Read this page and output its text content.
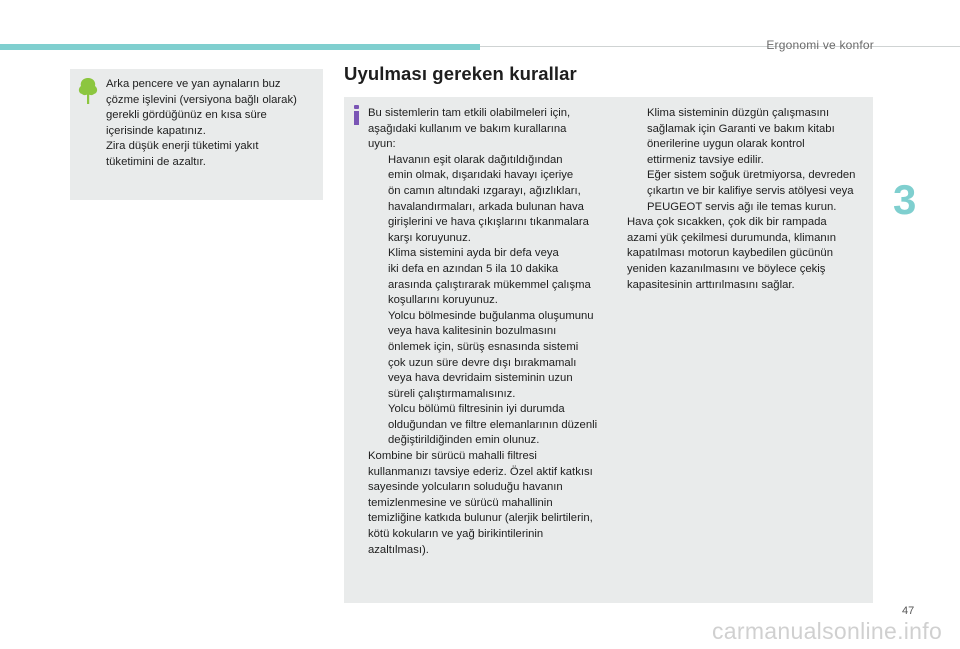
Ergonomi ve konfor
Arka pencere ve yan aynaların buz
çözme işlevini (versiyona bağlı olarak)
gerekli gördüğünüz en kısa süre
içerisinde kapatınız.
Zira düşük enerji tüketimi yakıt
tüketimini de azaltır.
Uyulması gereken kurallar

Bu sistemlerin tam etkili olabilmeleri için,
aşağıdaki kullanım ve bakım kurallarına
uyun:

Havanın eşit olarak dağıtıldığından
emin olmak, dışarıdaki havayı içeriye
ön camın altındaki ızgarayı, ağızlıkları,
havalandırmaları, arkada bulunan hava
girişlerini ve hava çıkışlarını tıkanmalara
karşı koruyunuz.
Klima sistemini ayda bir defa veya
iki defa en azından 5 ila 10 dakika
arasında çalıştırarak mükemmel çalışma
koşullarını koruyunuz.
Yolcu bölmesinde buğulanma oluşumunu
veya hava kalitesinin bozulmasını
önlemek için, sürüş esnasında sistemi
çok uzun süre devre dışı bırakmamalı
veya hava devridaim sisteminin uzun
süreli çalıştırmamalısınız.
Yolcu bölümü filtresinin iyi durumda
olduğundan ve filtre elemanlarının düzenli
değiştirildiğinden emin olunuz.

Kombine bir sürücü mahalli filtresi
kullanmanızı tavsiye ederiz. Özel aktif katkısı
sayesinde yolcuların soluduğu havanın
temizlenmesine ve sürücü mahallinin
temizliğine katkıda bulunur (alerjik belirtilerin,
kötü kokuların ve yağ birikintilerinin
azaltılması).

Klima sisteminin düzgün çalışmasını
sağlamak için Garanti ve bakım kitabı
önerilerine uygun olarak kontrol
ettirmeniz tavsiye edilir.
Eğer sistem soğuk üretmiyorsa, devreden
çıkartın ve bir kalifiye servis atölyesi veya
PEUGEOT servis ağı ile temas kurun.

Hava çok sıcakken, çok dik bir rampada
azami yük çekilmesi durumunda, klimanın
kapatılması motorun kaybedilen gücünün
yeniden kazanılmasını ve böylece çekiş
kapasitesinin arttırılmasını sağlar.

3
47
carmanualsonline.info
